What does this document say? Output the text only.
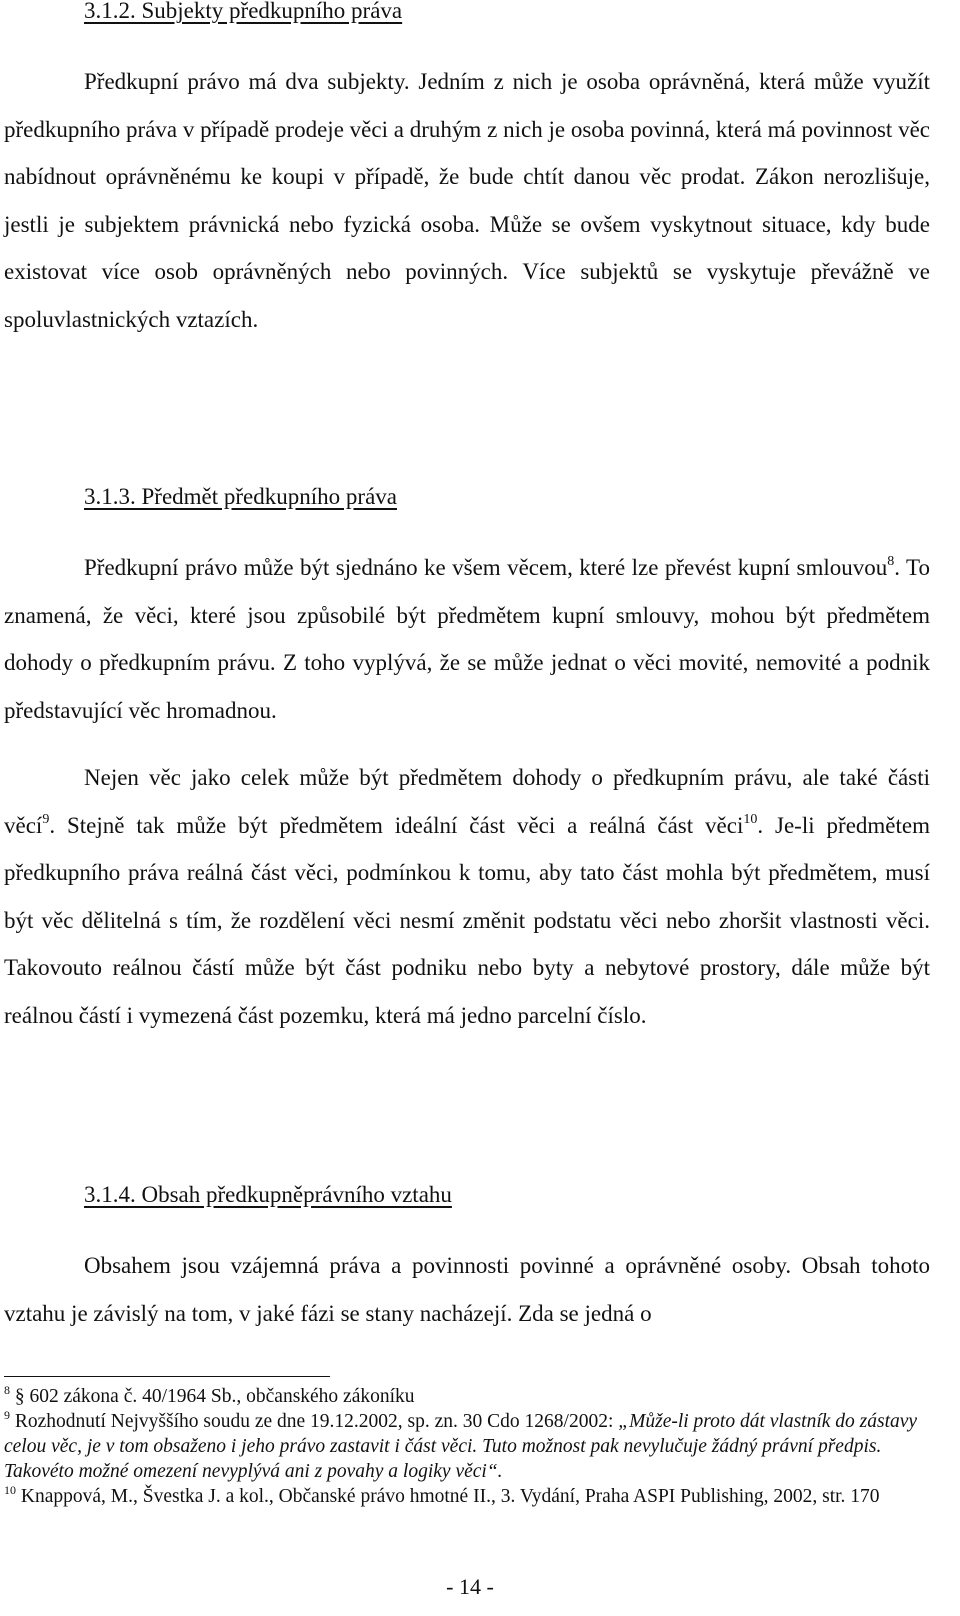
3.1.2. Subjekty předkupního práva

Předkupní právo má dva subjekty. Jedním z nich je osoba oprávněná, která může využít předkupního práva v případě prodeje věci a druhým z nich je osoba povinná, která má povinnost věc nabídnout oprávněnému ke koupi v případě, že bude chtít danou věc prodat. Zákon nerozlišuje, jestli je subjektem právnická nebo fyzická osoba. Může se ovšem vyskytnout situace, kdy bude existovat více osob oprávněných nebo povinných. Více subjektů se vyskytuje převážně ve spoluvlastnických vztazích.

3.1.3. Předmět předkupního práva

Předkupní právo může být sjednáno ke všem věcem, které lze převést kupní smlouvou$^8$. To znamená, že věci, které jsou způsobilé být předmětem kupní smlouvy, mohou být předmětem dohody o předkupním právu. Z toho vyplývá, že se může jednat o věci movité, nemovité a podnik představující věc hromadnou.

Nejen věc jako celek může být předmětem dohody o předkupním právu, ale také části věcí$^9$. Stejně tak může být předmětem ideální část věci a reálná část věci$^{10}$. Je-li předmětem předkupního práva reálná část věci, podmínkou k tomu, aby tato část mohla být předmětem, musí být věc dělitelná s tím, že rozdělení věci nesmí změnit podstatu věci nebo zhoršit vlastnosti věci. Takovouto reálnou částí může být část podniku nebo byty a nebytové prostory, dále může být reálnou částí i vymezená část pozemku, která má jedno parcelní číslo.

3.1.4. Obsah předkupněprávního vztahu

Obsahem jsou vzájemná práva a povinnosti povinné a oprávněné osoby. Obsah tohoto vztahu je závislý na tom, v jaké fázi se stany nacházejí. Zda se jedná o

$^8$ § 602 zákona č. 40/1964 Sb., občanského zákoníku

$^9$ Rozhodnutí Nejvyššího soudu ze dne 19.12.2002, sp. zn. 30 Cdo 1268/2002: „Může-li proto dát vlastník do zástavy celou věc, je v tom obsaženo i jeho právo zastavit i část věci. Tuto možnost pak nevylučuje žádný právní předpis. Takovéto možné omezení nevyplývá ani z povahy a logiky věci“.

$^{10}$ Knappová, M., Švestka J. a kol., Občanské právo hmotné II., 3. Vydání, Praha ASPI Publishing, 2002, str. 170

- 14 -
